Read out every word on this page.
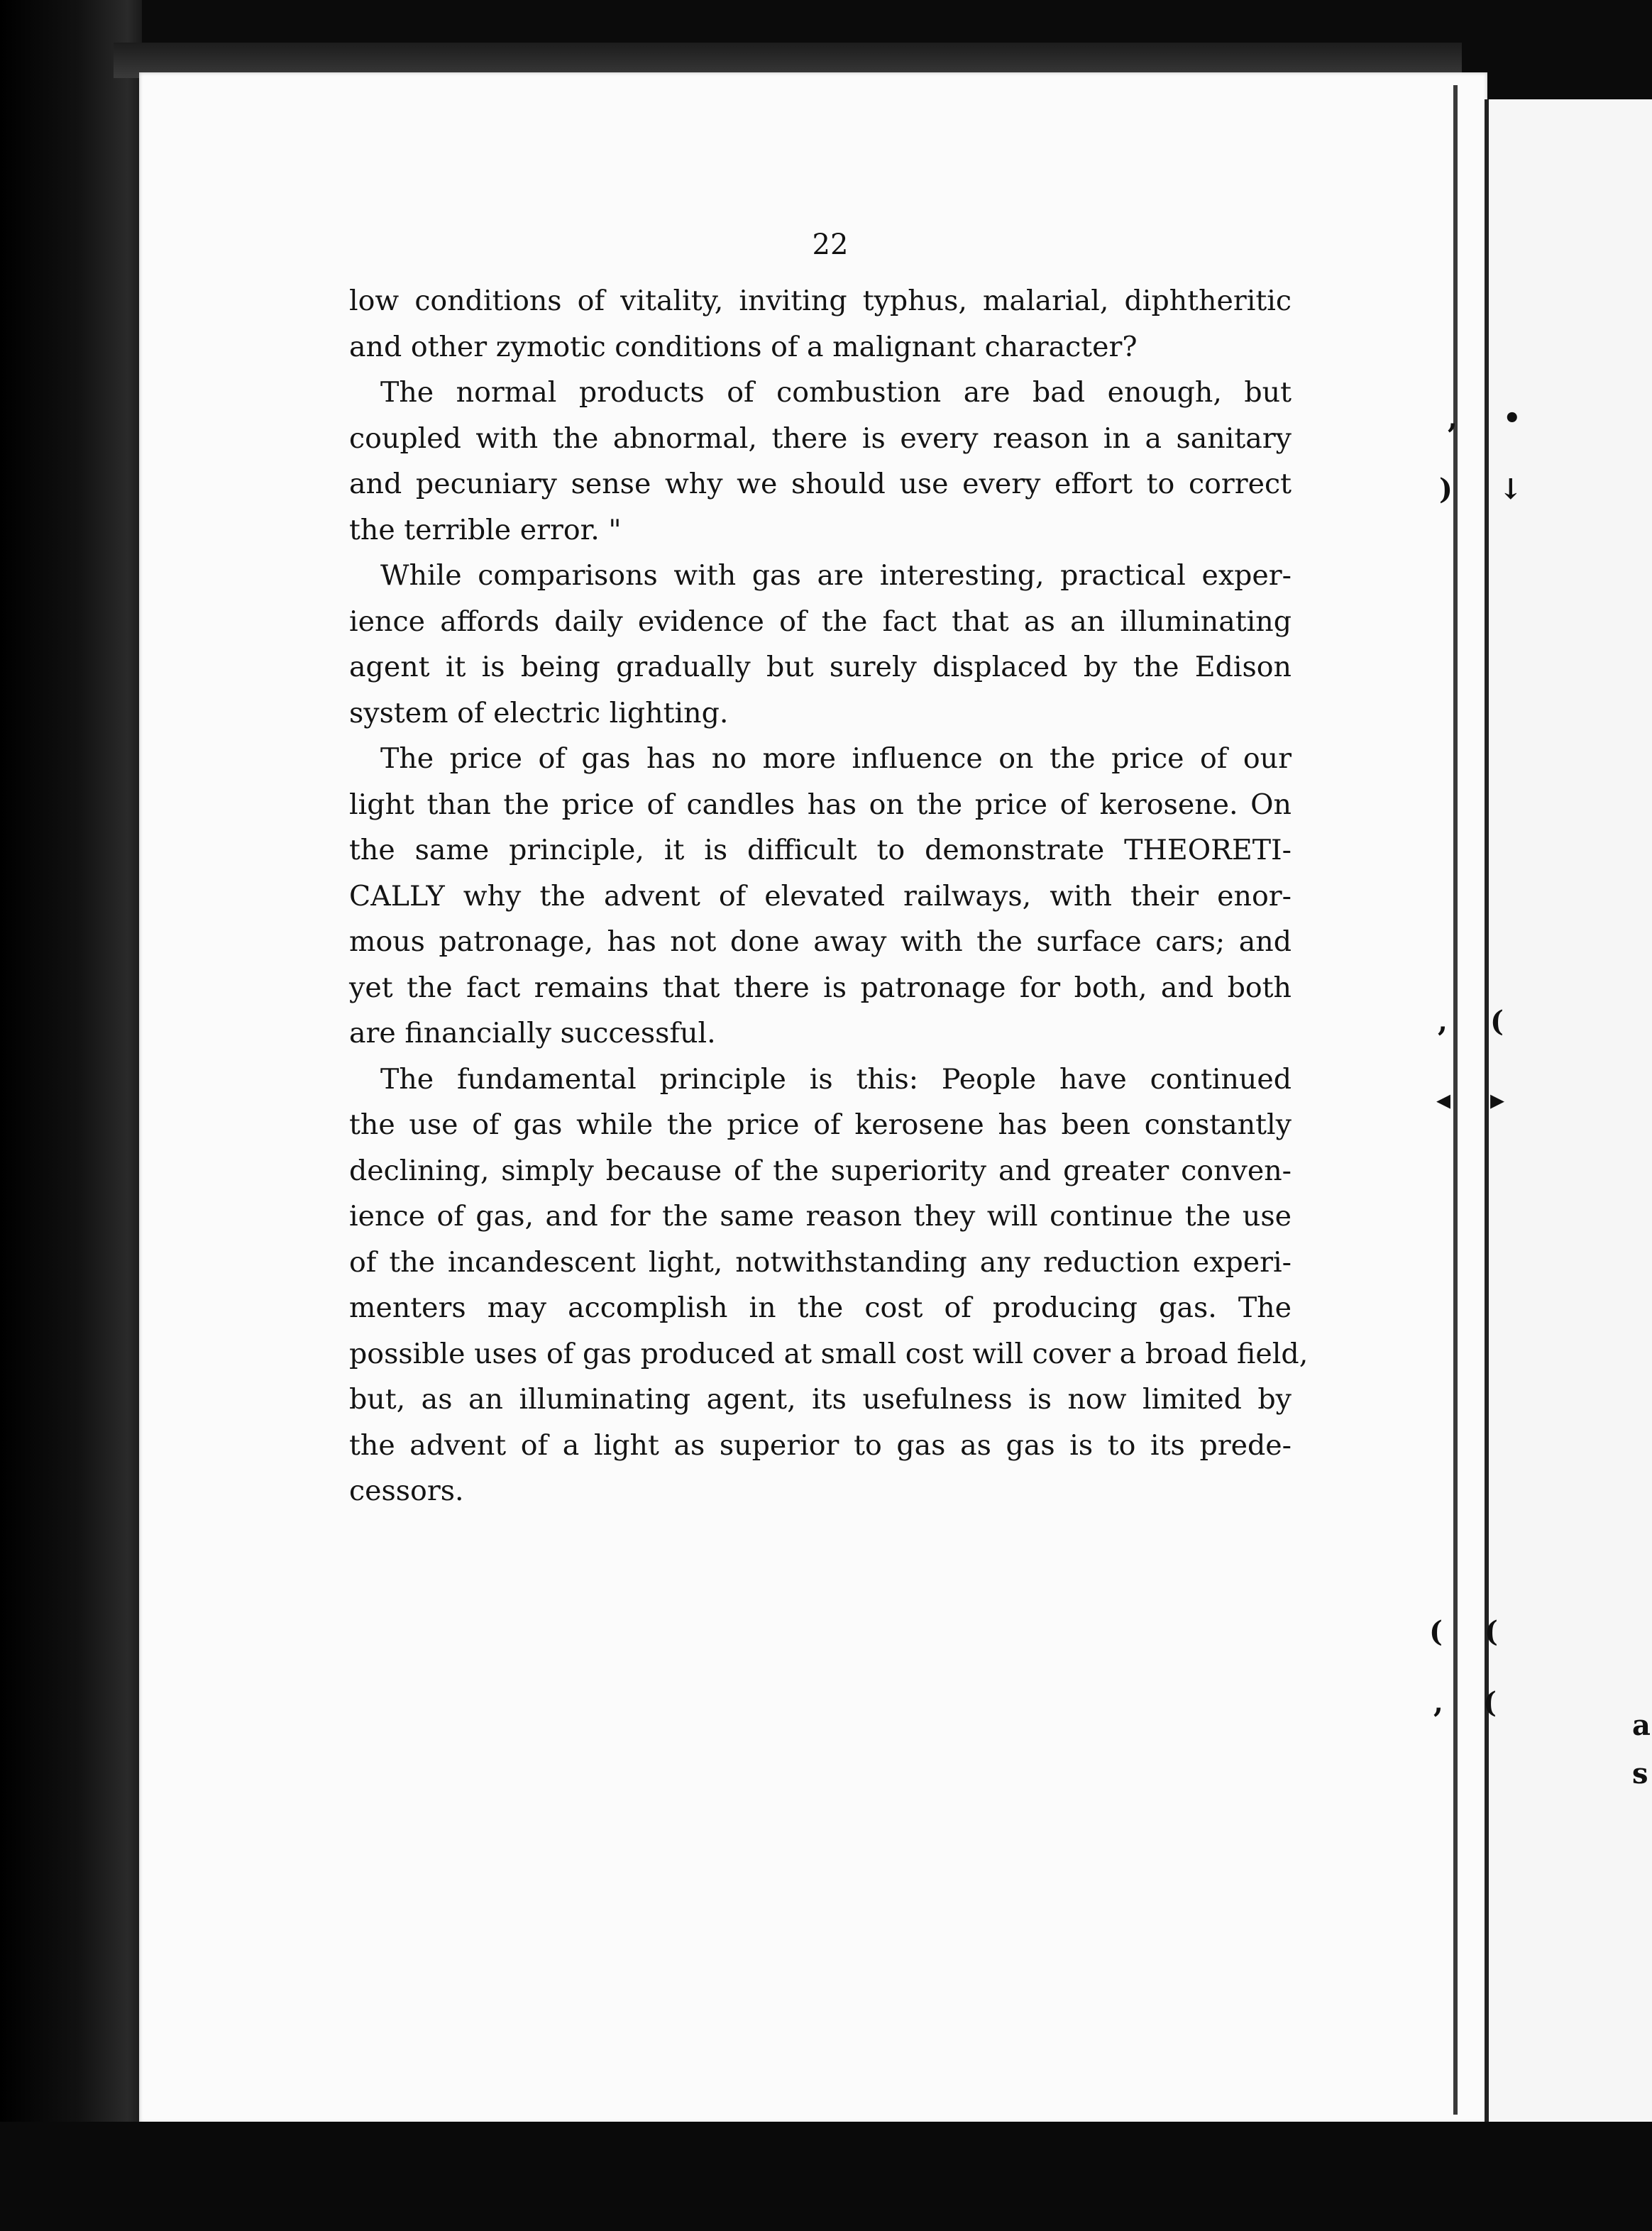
, •
) ↓
, (
◂ ▸
( (
, (
a
s
22
low conditions of vitality, inviting typhus, malarial, diphtheritic
and other zymotic conditions of a malignant character?
The normal products of combustion are bad enough, but
coupled with the abnormal, there is every reason in a sanitary
and pecuniary sense why we should use every effort to correct
the terrible error. "
While comparisons with gas are interesting, practical exper-
ience affords daily evidence of the fact that as an illuminating
agent it is being gradually but surely displaced by the Edison
system of electric lighting.
The price of gas has no more influence on the price of our
light than the price of candles has on the price of kerosene. On
the same principle, it is difficult to demonstrate THEORETI-
CALLY why the advent of elevated railways, with their enor-
mous patronage, has not done away with the surface cars; and
yet the fact remains that there is patronage for both, and both
are financially successful.
The fundamental principle is this: People have continued
the use of gas while the price of kerosene has been constantly
declining, simply because of the superiority and greater conven-
ience of gas, and for the same reason they will continue the use
of the incandescent light, notwithstanding any reduction experi-
menters may accomplish in the cost of producing gas. The
possible uses of gas produced at small cost will cover a broad field,
but, as an illuminating agent, its usefulness is now limited by
the advent of a light as superior to gas as gas is to its prede-
cessors.
